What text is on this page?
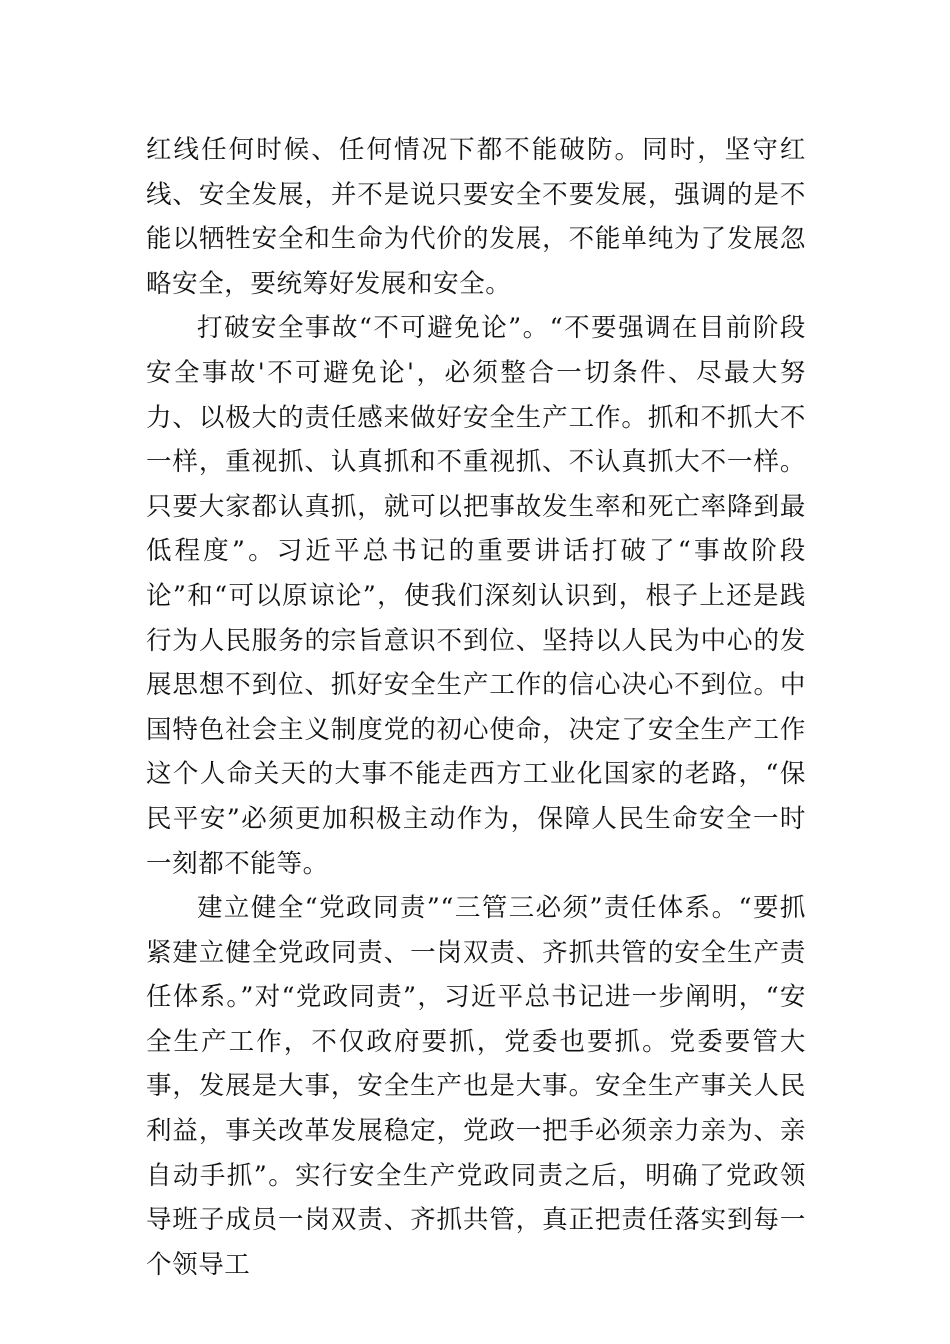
红线任何时候、任何情况下都不能破防。同时，坚守红线、安全发展，并不是说只要安全不要发展，强调的是不能以牺牲安全和生命为代价的发展，不能单纯为了发展忽略安全，要统筹好发展和安全。

打破安全事故“不可避免论”。“不要强调在目前阶段安全事故'不可避免论'，必须整合一切条件、尽最大努力、以极大的责任感来做好安全生产工作。抓和不抓大不一样，重视抓、认真抓和不重视抓、不认真抓大不一样。只要大家都认真抓，就可以把事故发生率和死亡率降到最低程度”。习近平总书记的重要讲话打破了“事故阶段论”和“可以原谅论”，使我们深刻认识到，根子上还是践行为人民服务的宗旨意识不到位、坚持以人民为中心的发展思想不到位、抓好安全生产工作的信心决心不到位。中国特色社会主义制度党的初心使命，决定了安全生产工作这个人命关天的大事不能走西方工业化国家的老路，“保民平安”必须更加积极主动作为，保障人民生命安全一时一刻都不能等。

建立健全“党政同责”“三管三必须”责任体系。“要抓紧建立健全党政同责、一岗双责、齐抓共管的安全生产责任体系。”对“党政同责”，习近平总书记进一步阐明，“安全生产工作，不仅政府要抓，党委也要抓。党委要管大事，发展是大事，安全生产也是大事。安全生产事关人民利益，事关改革发展稳定，党政一把手必须亲力亲为、亲自动手抓”。实行安全生产党政同责之后，明确了党政领导班子成员一岗双责、齐抓共管，真正把责任落实到每一个领导工
